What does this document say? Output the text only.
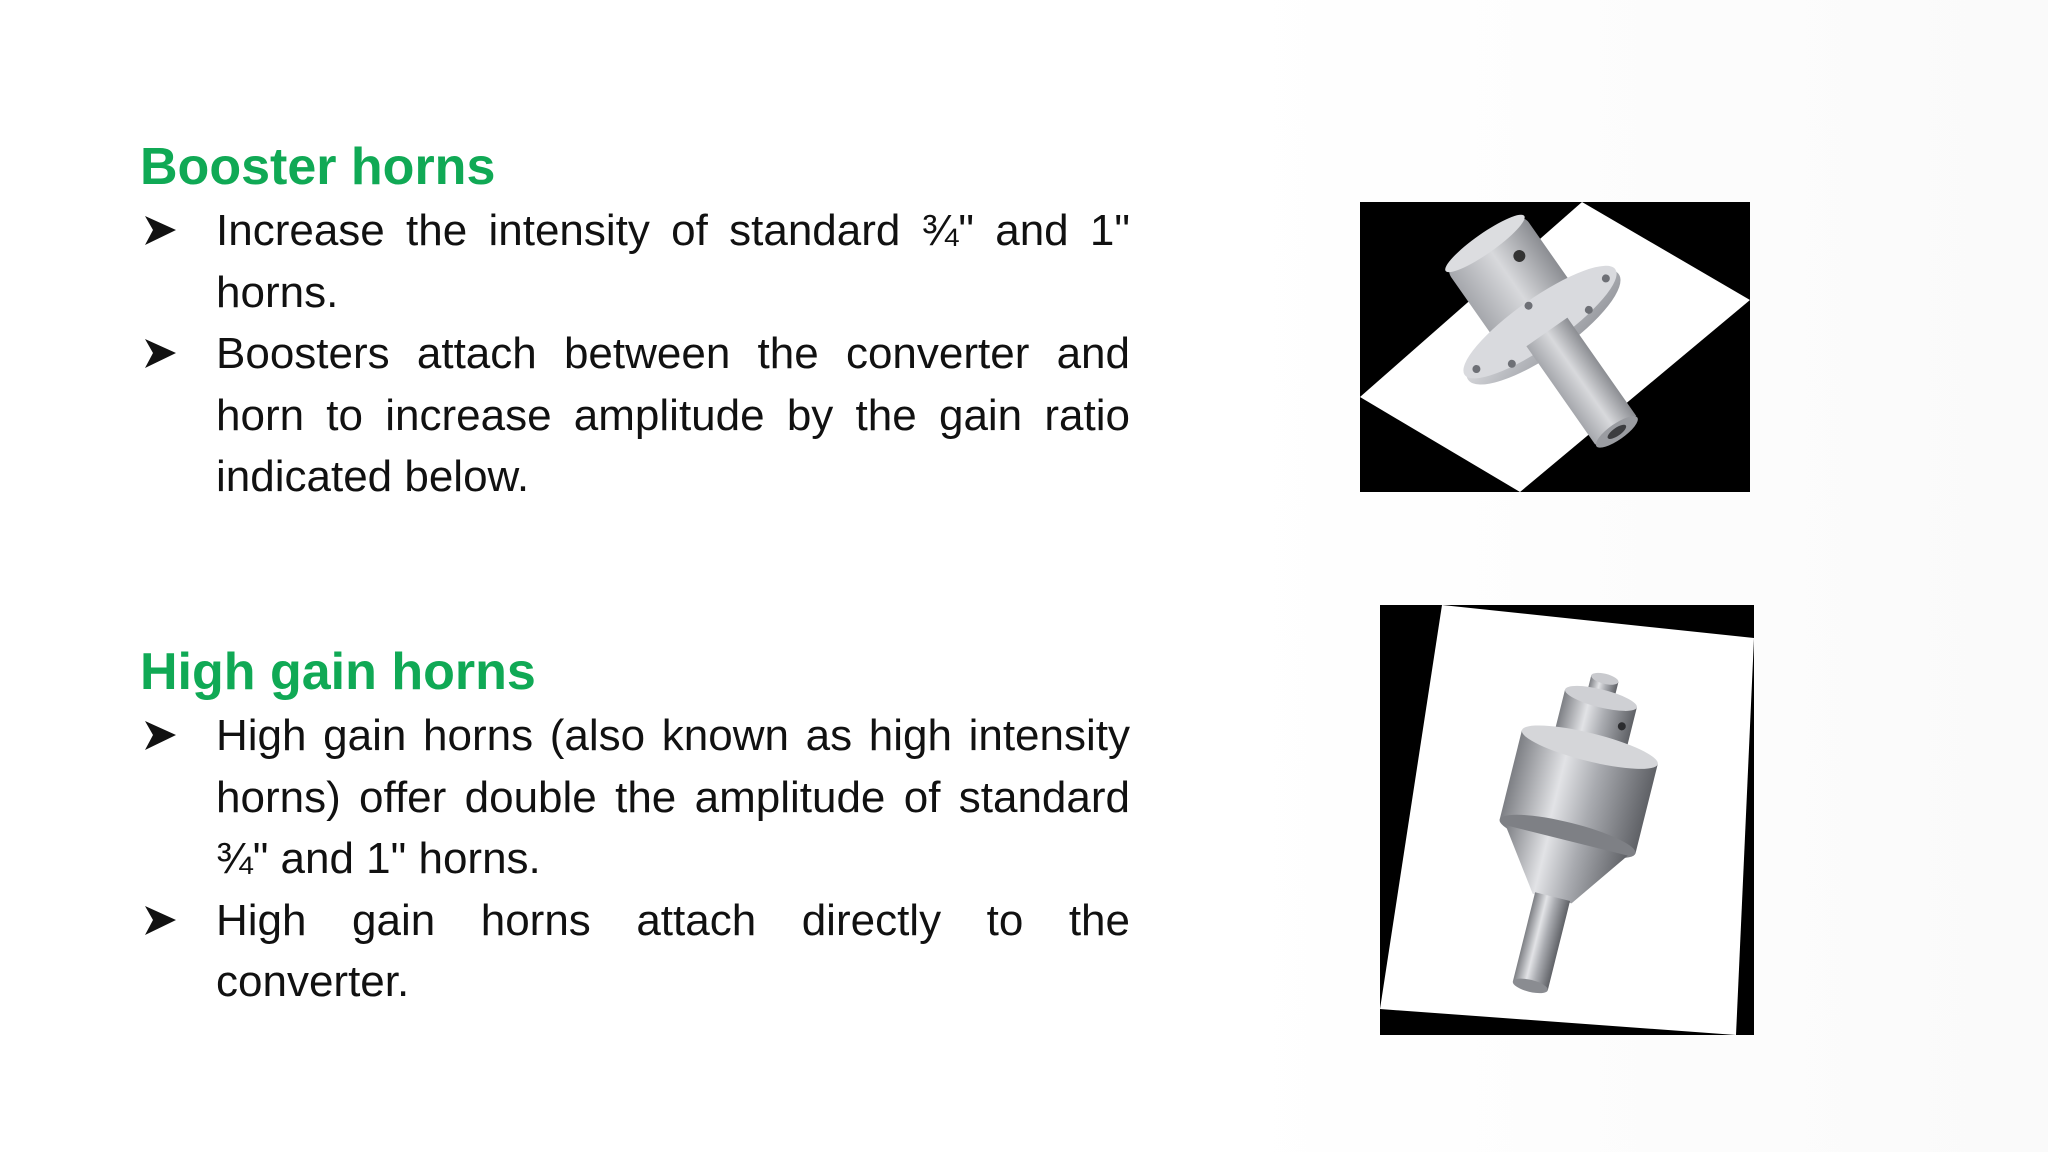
Booster horns
Increase the intensity of standard ¾" and 1" horns.
Boosters attach between the converter and horn to increase amplitude by the gain ratio indicated below.
High gain horns
High gain horns (also known as high intensity horns) offer double the amplitude of standard ¾" and 1" horns.
High gain horns attach directly to the converter.
